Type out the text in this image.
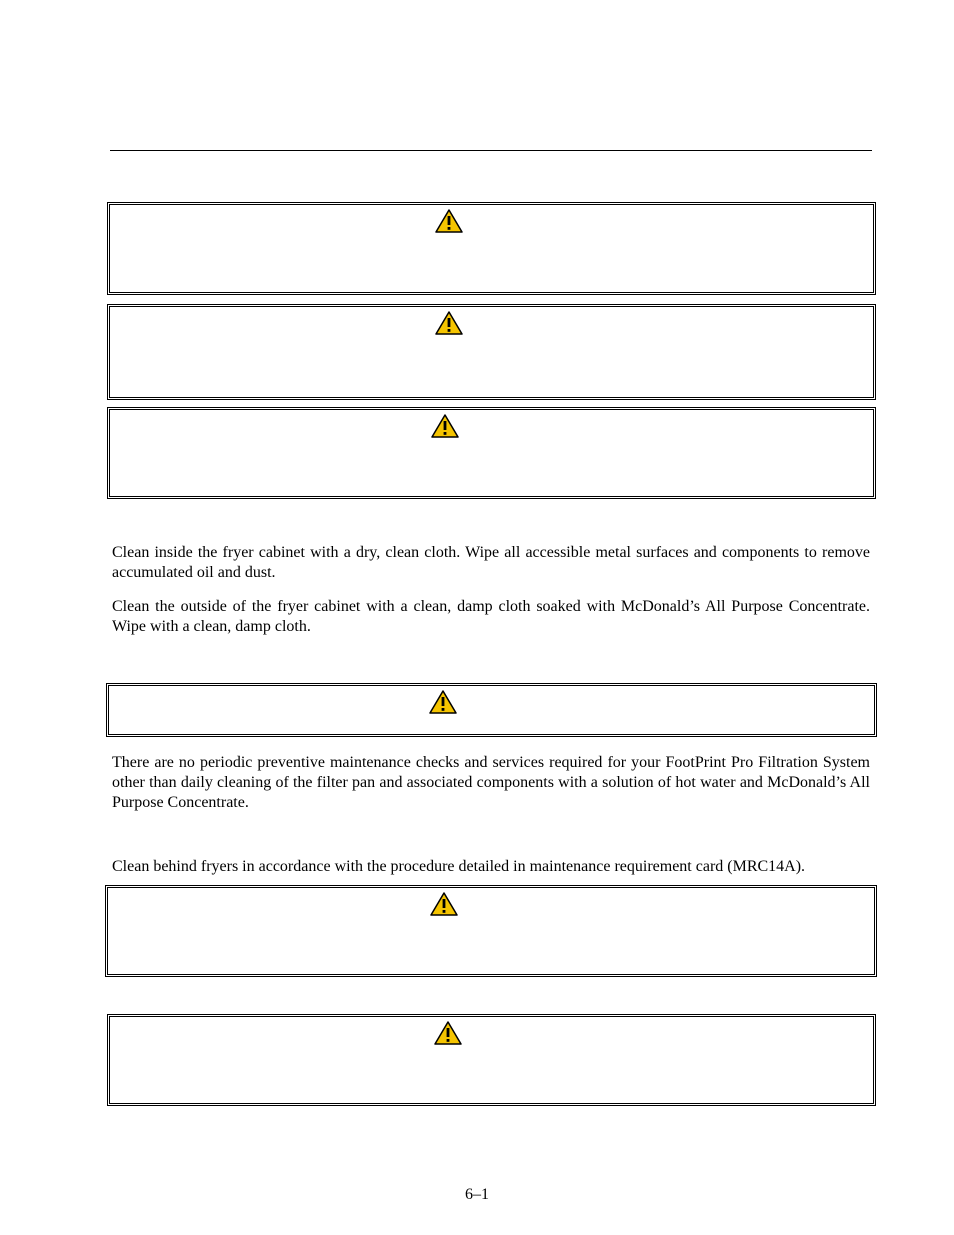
Clean inside the fryer cabinet with a dry, clean cloth. Wipe all accessible metal surfaces and components to remove accumulated oil and dust.

Clean the outside of the fryer cabinet with a clean, damp cloth soaked with McDonald’s All Purpose Concentrate. Wipe with a clean, damp cloth.

There are no periodic preventive maintenance checks and services required for your FootPrint Pro Filtration System other than daily cleaning of the filter pan and associated components with a solution of hot water and McDonald’s All Purpose Concentrate.

Clean behind fryers in accordance with the procedure detailed in maintenance requirement card (MRC14A).

6–1
